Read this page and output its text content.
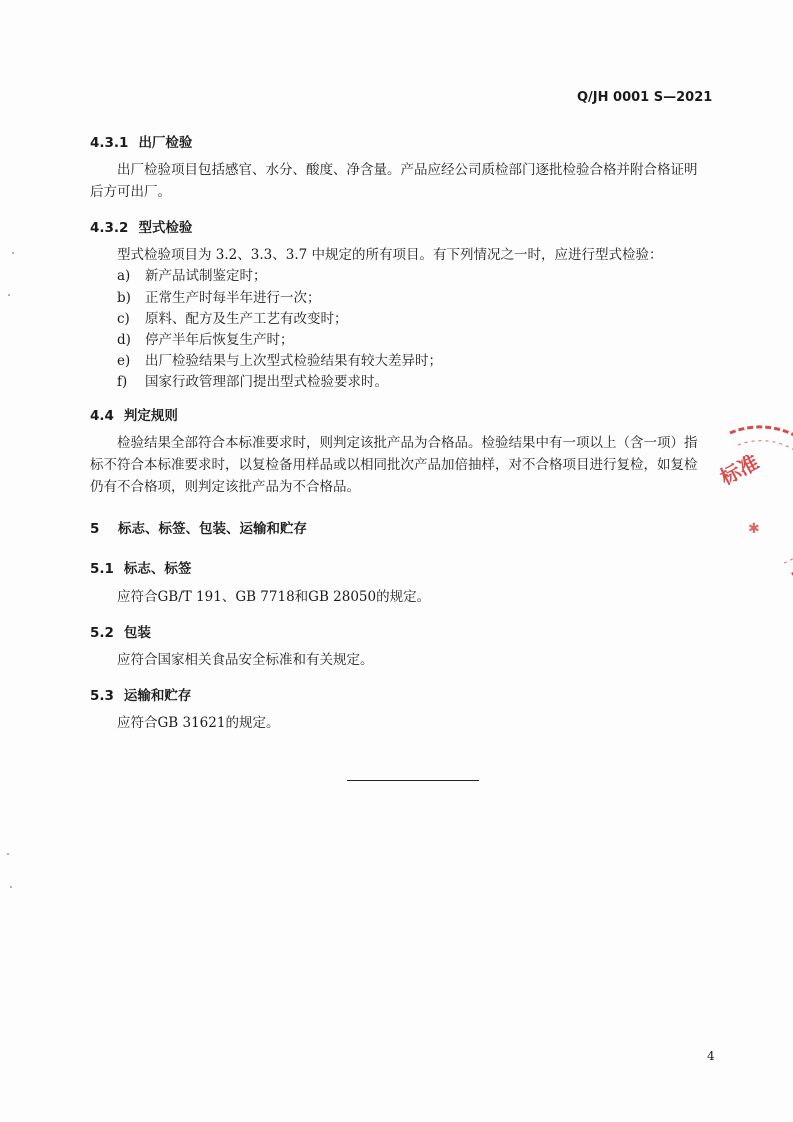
Q/JH 0001 S—2021
4.3.1 出厂检验
出厂检验项目包括感官、水分、酸度、净含量。产品应经公司质检部门逐批检验合格并附合格证明
后方可出厂。
4.3.2 型式检验
型式检验项目为 3.2、3.3、3.7 中规定的所有项目。有下列情况之一时，应进行型式检验：
a) 新产品试制鉴定时；
b) 正常生产时每半年进行一次；
c) 原料、配方及生产工艺有改变时；
d) 停产半年后恢复生产时；
e) 出厂检验结果与上次型式检验结果有较大差异时；
f) 国家行政管理部门提出型式检验要求时。
4.4 判定规则
检验结果全部符合本标准要求时，则判定该批产品为合格品。检验结果中有一项以上（含一项）指
标不符合本标准要求时，以复检备用样品或以相同批次产品加倍抽样，对不合格项目进行复检，如复检
仍有不合格项，则判定该批产品为不合格品。
5 标志、标签、包装、运输和贮存
5.1 标志、标签
应符合GB/T 191、GB 7718和GB 28050的规定。
5.2 包装
应符合国家相关食品安全标准和有关规定。
5.3 运输和贮存
应符合GB 31621的规定。
4
标准
✱
